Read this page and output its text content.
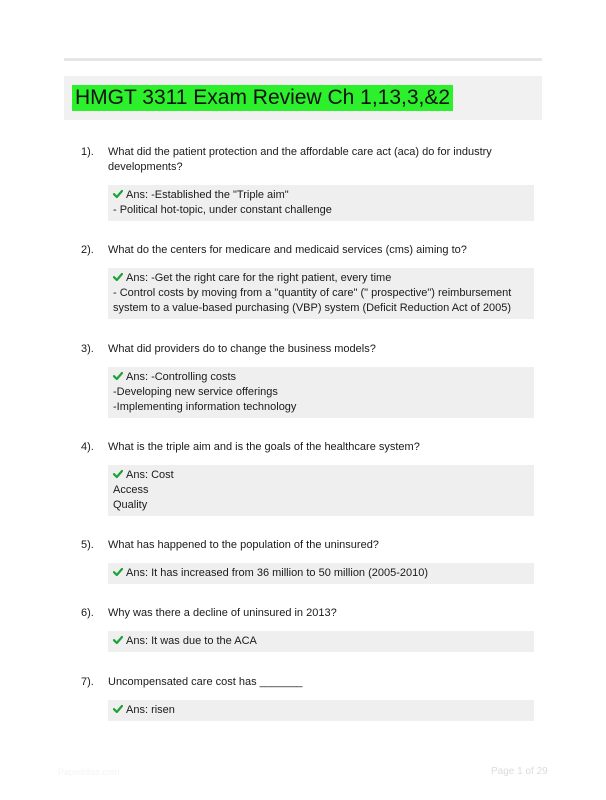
HMGT 3311 Exam Review Ch 1,13,3,&2
1). What did the patient protection and the affordable care act (aca) do for industry developments?
Ans: -Established the "Triple aim"
- Political hot-topic, under constant challenge
2). What do the centers for medicare and medicaid services (cms) aiming to?
Ans: -Get the right care for the right patient, every time
- Control costs by moving from a "quantity of care" (" prospective") reimbursement
system to a value-based purchasing (VBP) system (Deficit Reduction Act of 2005)
3). What did providers do to change the business models?
Ans: -Controlling costs
-Developing new service offerings
-Implementing information technology
4). What is the triple aim and is the goals of the healthcare system?
Ans: Cost
Access
Quality
5). What has happened to the population of the uninsured?
Ans: It has increased from 36 million to 50 million (2005-2010)
6). Why was there a decline of uninsured in 2013?
Ans: It was due to the ACA
7). Uncompensated care cost has _______
Ans: risen
Paperbliss.com	Page 1 of 29
